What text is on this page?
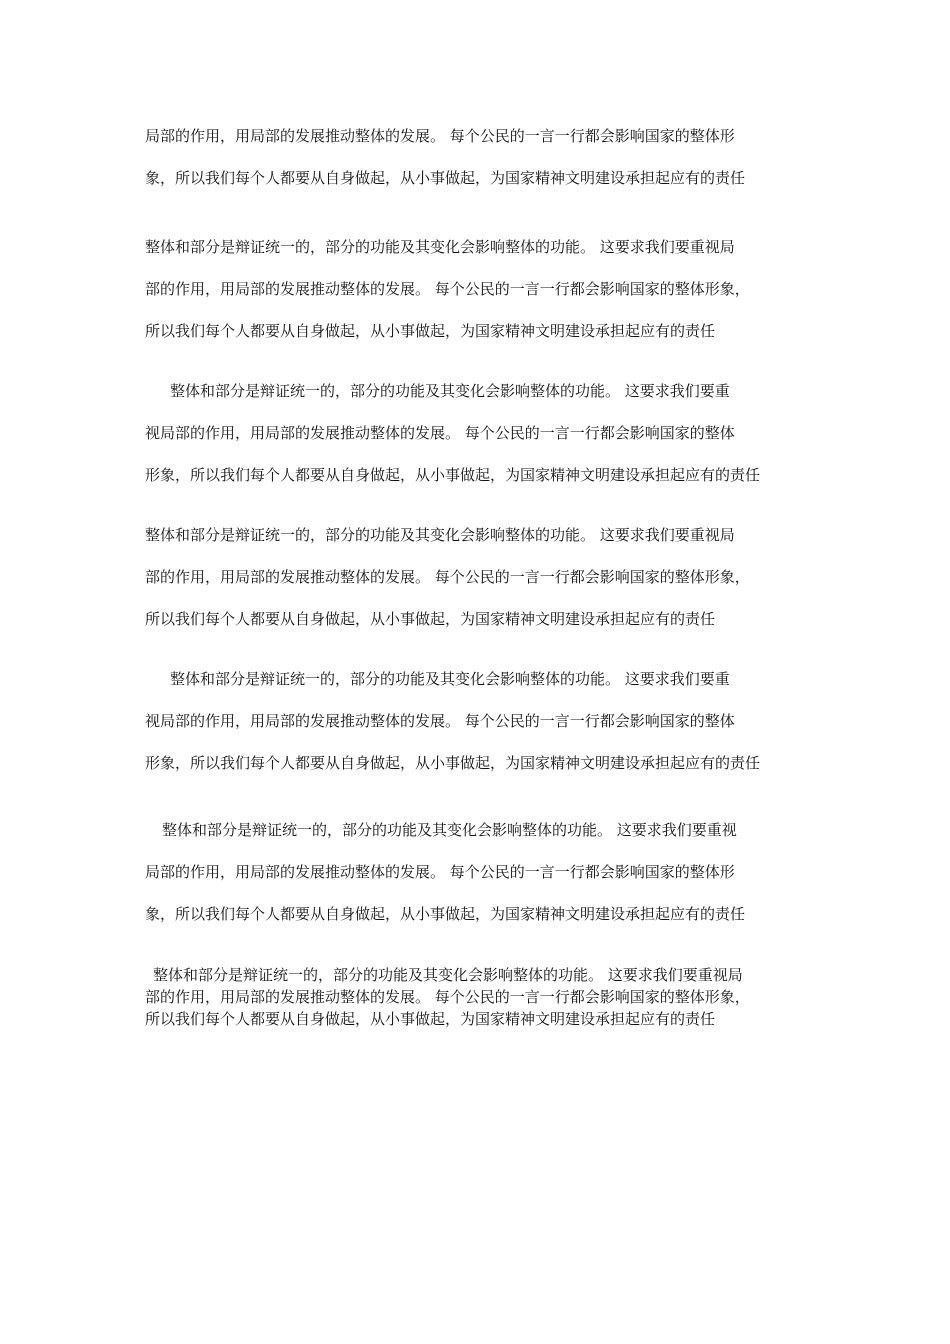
局部的作用，用局部的发展推动整体的发展。 每个公民的一言一行都会影响国家的整体形
象，所以我们每个人都要从自身做起，从小事做起，为国家精神文明建设承担起应有的责任
整体和部分是辩证统一的，部分的功能及其变化会影响整体的功能。 这要求我们要重视局
部的作用，用局部的发展推动整体的发展。 每个公民的一言一行都会影响国家的整体形象，
所以我们每个人都要从自身做起，从小事做起，为国家精神文明建设承担起应有的责任
整体和部分是辩证统一的，部分的功能及其变化会影响整体的功能。 这要求我们要重
视局部的作用，用局部的发展推动整体的发展。 每个公民的一言一行都会影响国家的整体
形象，所以我们每个人都要从自身做起，从小事做起，为国家精神文明建设承担起应有的责任
整体和部分是辩证统一的，部分的功能及其变化会影响整体的功能。 这要求我们要重视局
部的作用，用局部的发展推动整体的发展。 每个公民的一言一行都会影响国家的整体形象，
所以我们每个人都要从自身做起，从小事做起，为国家精神文明建设承担起应有的责任
整体和部分是辩证统一的，部分的功能及其变化会影响整体的功能。 这要求我们要重
视局部的作用，用局部的发展推动整体的发展。 每个公民的一言一行都会影响国家的整体
形象，所以我们每个人都要从自身做起，从小事做起，为国家精神文明建设承担起应有的责任
整体和部分是辩证统一的，部分的功能及其变化会影响整体的功能。 这要求我们要重视
局部的作用，用局部的发展推动整体的发展。 每个公民的一言一行都会影响国家的整体形
象，所以我们每个人都要从自身做起，从小事做起，为国家精神文明建设承担起应有的责任
整体和部分是辩证统一的，部分的功能及其变化会影响整体的功能。 这要求我们要重视局
部的作用，用局部的发展推动整体的发展。 每个公民的一言一行都会影响国家的整体形象，
所以我们每个人都要从自身做起，从小事做起，为国家精神文明建设承担起应有的责任
